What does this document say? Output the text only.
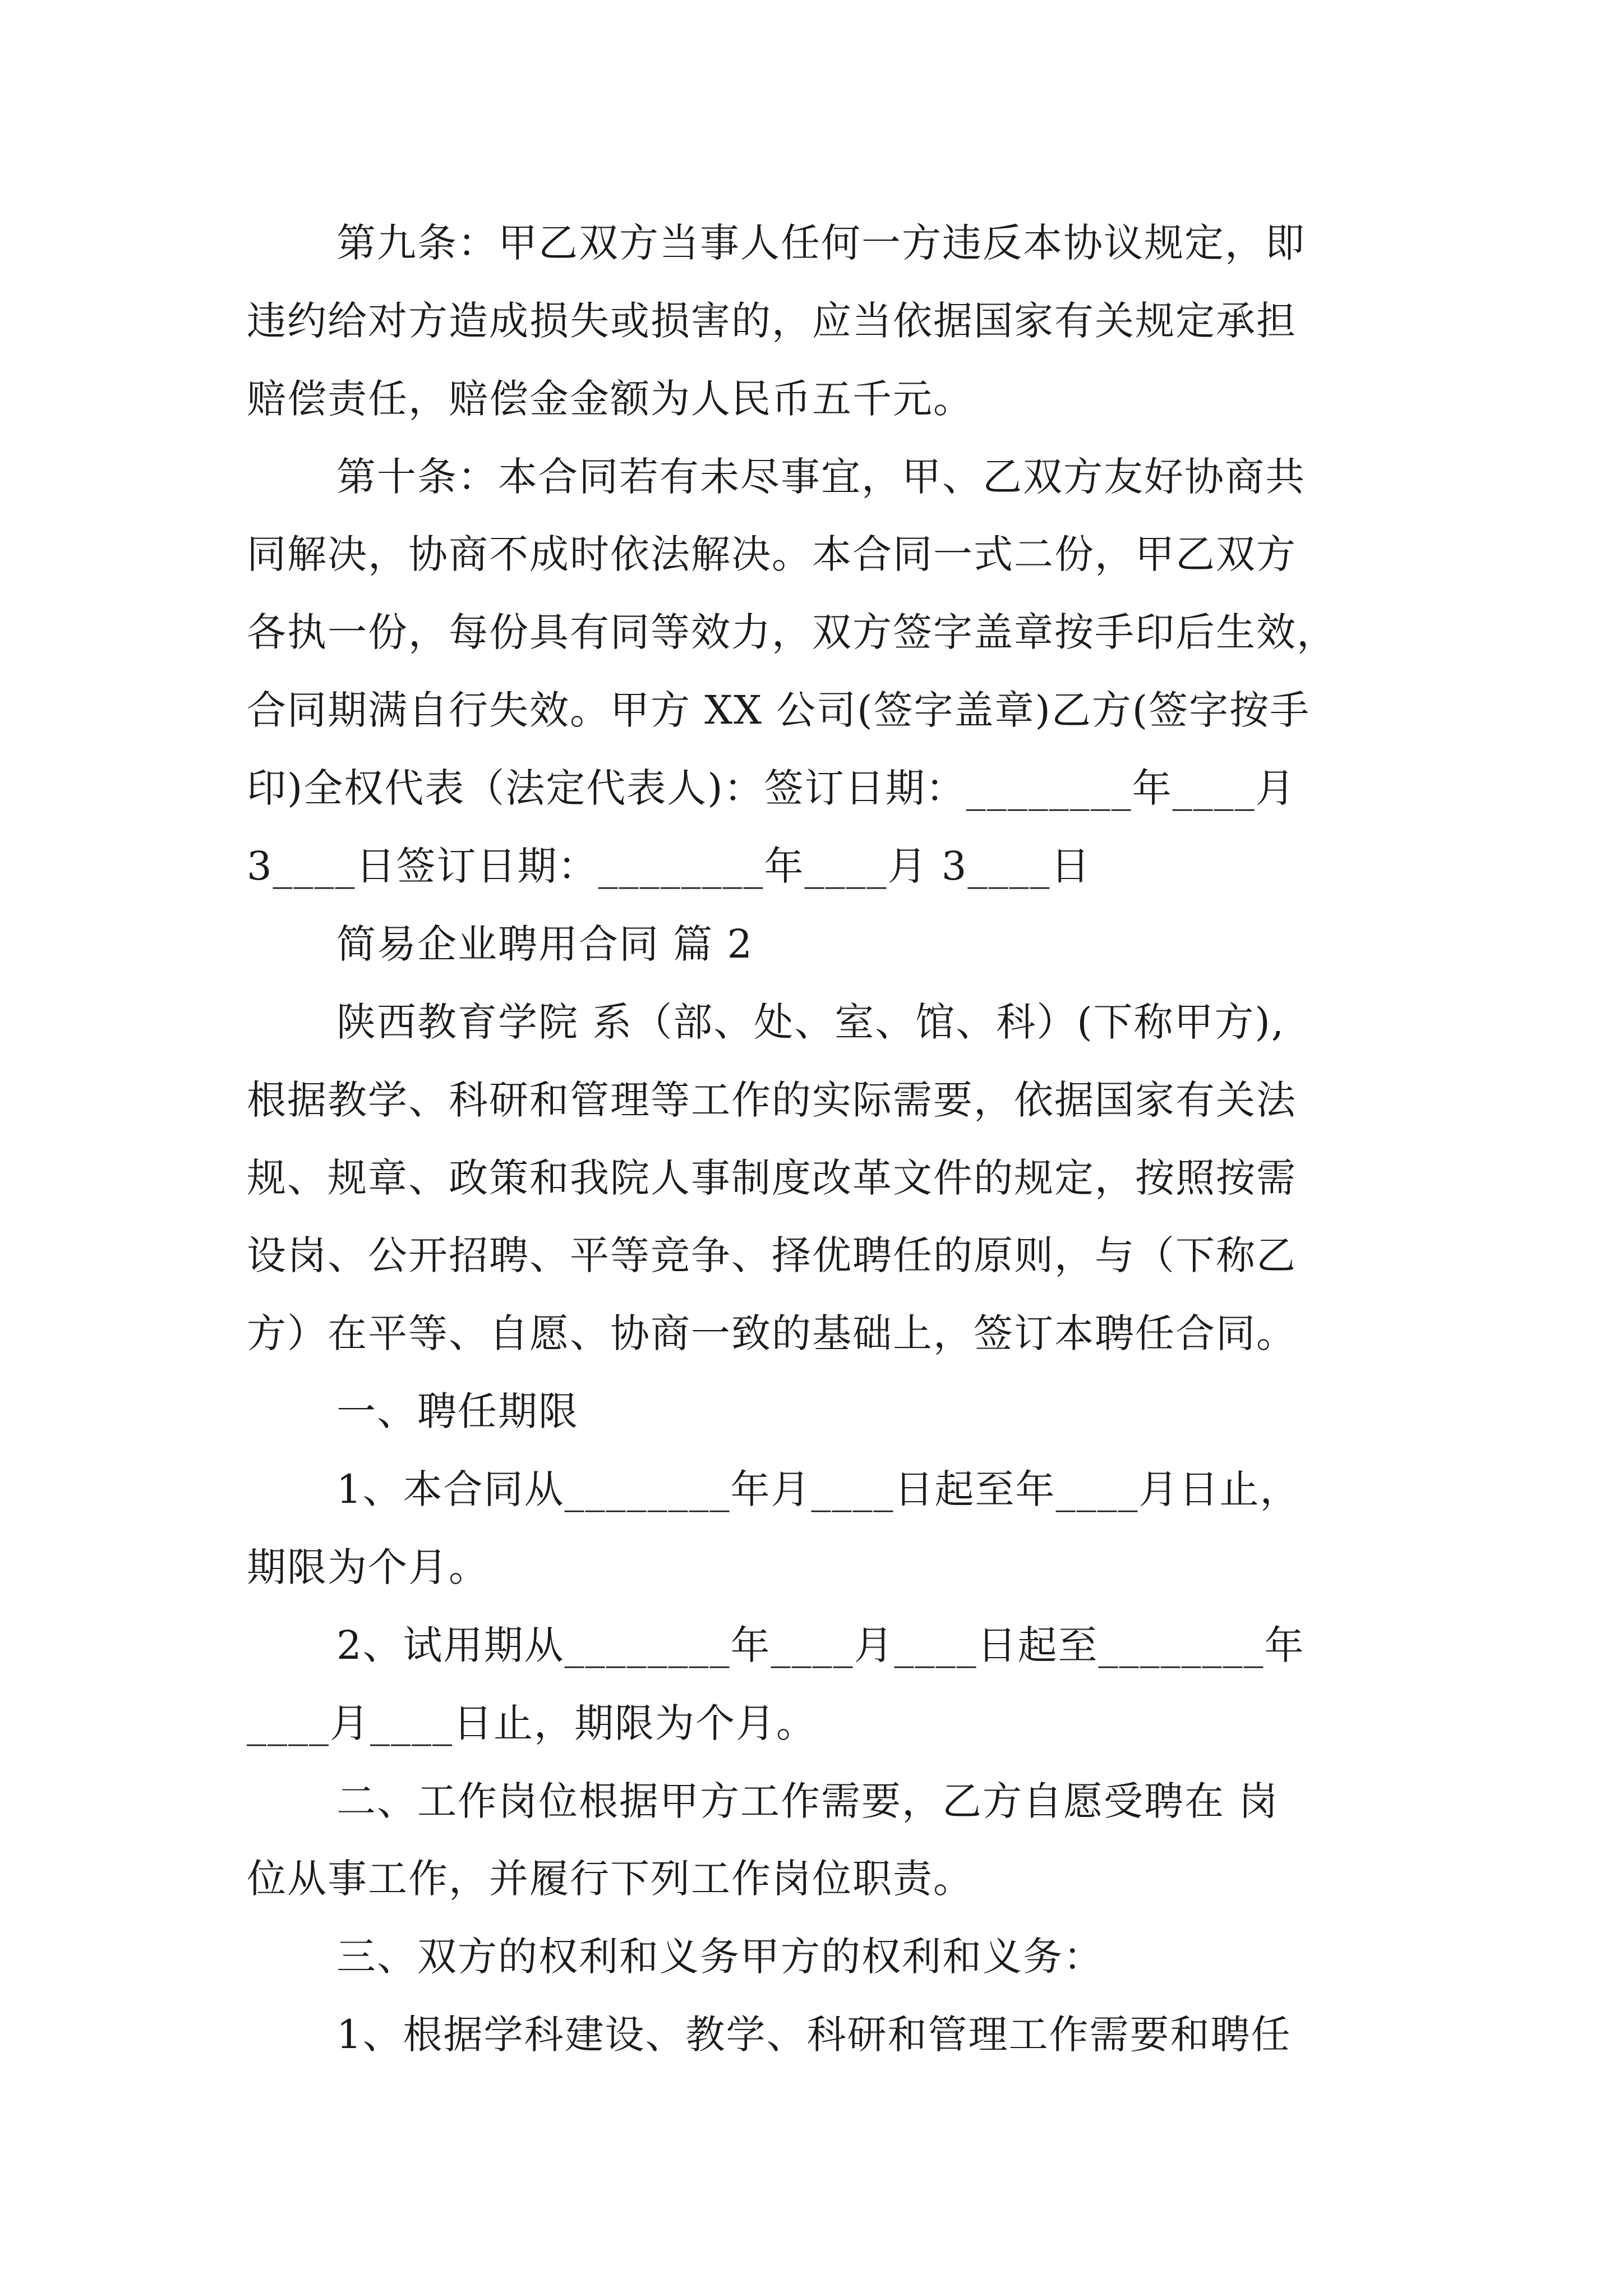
第九条：甲乙双方当事人任何一方违反本协议规定，即
违约给对方造成损失或损害的，应当依据国家有关规定承担
赔偿责任，赔偿金金额为人民币五千元。
第十条：本合同若有未尽事宜，甲、乙双方友好协商共
同解决，协商不成时依法解决。本合同一式二份，甲乙双方
各执一份，每份具有同等效力，双方签字盖章按手印后生效，
合同期满自行失效。甲方 XX 公司(签字盖章)乙方(签字按手
印)全权代表（法定代表人)：签订日期：________年____月
3____日签订日期：________年____月 3____日
简易企业聘用合同 篇 2
陕西教育学院 系（部、处、室、馆、科）(下称甲方),
根据教学、科研和管理等工作的实际需要，依据国家有关法
规、规章、政策和我院人事制度改革文件的规定，按照按需
设岗、公开招聘、平等竞争、择优聘任的原则，与（下称乙
方）在平等、自愿、协商一致的基础上，签订本聘任合同。
一、聘任期限
1、本合同从________年月____日起至年____月日止，
期限为个月。
2、试用期从________年____月____日起至________年
____月____日止，期限为个月。
二、工作岗位根据甲方工作需要，乙方自愿受聘在 岗
位从事工作，并履行下列工作岗位职责。
三、双方的权利和义务甲方的权利和义务：
1、根据学科建设、教学、科研和管理工作需要和聘任
